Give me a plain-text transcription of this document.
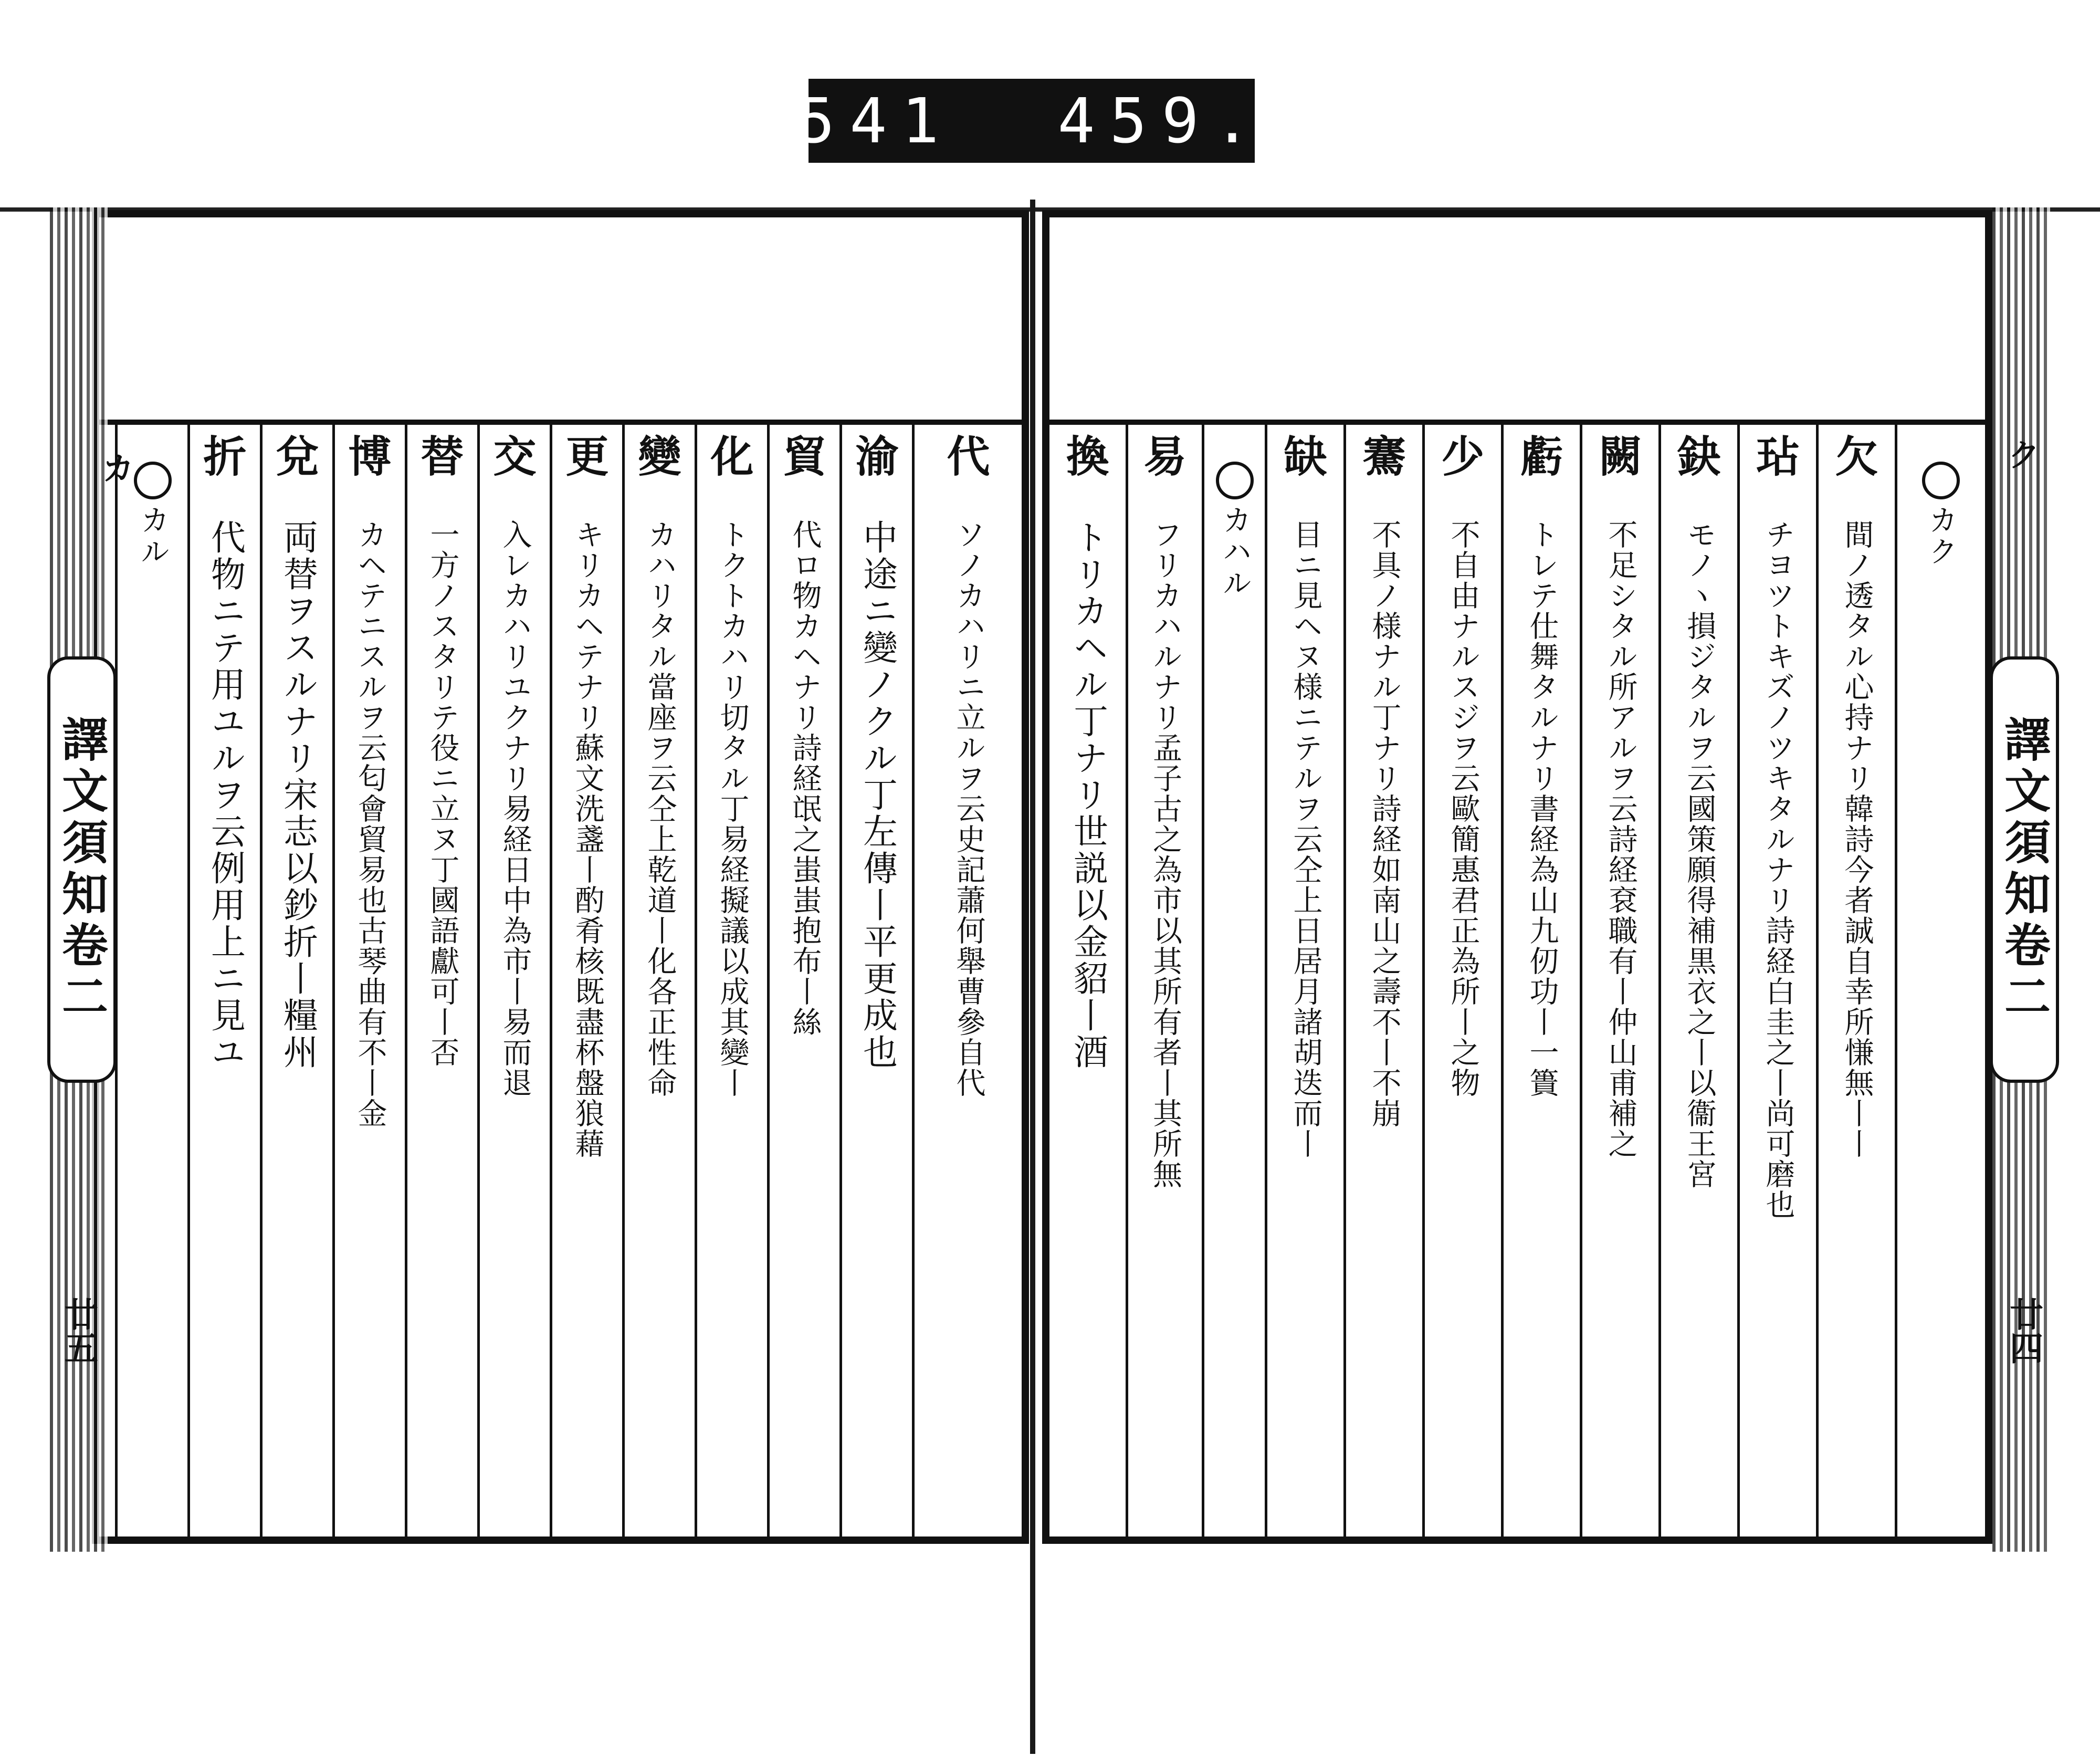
541  459.
代
ソノカハリニ立ルヲ云史記蕭何舉曹參自代
渝
中途ニ變ノクル丁左傳丨平更成也
貿
代ロ物カヘナリ詩経氓之蚩蚩抱布丨絲
化
トクトカハリ切タル丁易経擬議以成其變丨
變
カハリタル當座ヲ云仝上乾道丨化各正性命
更
キリカヘテナリ蘇文洗盞丨酌肴核既盡杯盤狼藉
交
入レカハリユクナリ易経日中為市丨易而退
替
一方ノスタリテ役ニ立ヌ丁國語獻可丨否
博
カヘテニスルヲ云匂會貿易也古琴曲有不丨金
兌
両替ヲスルナリ宋志以鈔折丨糧州
折
代物ニテ用ユルヲ云例用上ニ見ユ
カル	カク
欠
間ノ透タル心持ナリ韓詩今者誠自幸所慊無丨丨
玷
チヨツトキズノツキタルナリ詩経白圭之丨尚可磨也
鈌
モノヽ損ジタルヲ云國策願得補黒衣之丨以衞王宮
闕
不足シタル所アルヲ云詩経袞職有丨仲山甫補之
虧
トレテ仕舞タルナリ書経為山九仞功丨一簣
少
不自由ナルスジヲ云歐簡惠君正為所丨之物
騫
不具ノ様ナル丁ナリ詩経如南山之壽不丨不崩
缺
目ニ見ヘヌ様ニテルヲ云仝上日居月諸胡迭而丨
カハル
易
フリカハルナリ孟子古之為市以其所有者丨其所無
換
トリカヘル丁ナリ世説以金貂丨酒
譯文須知卷二	譯文須知卷二
廿五	廿四
カ	ク
